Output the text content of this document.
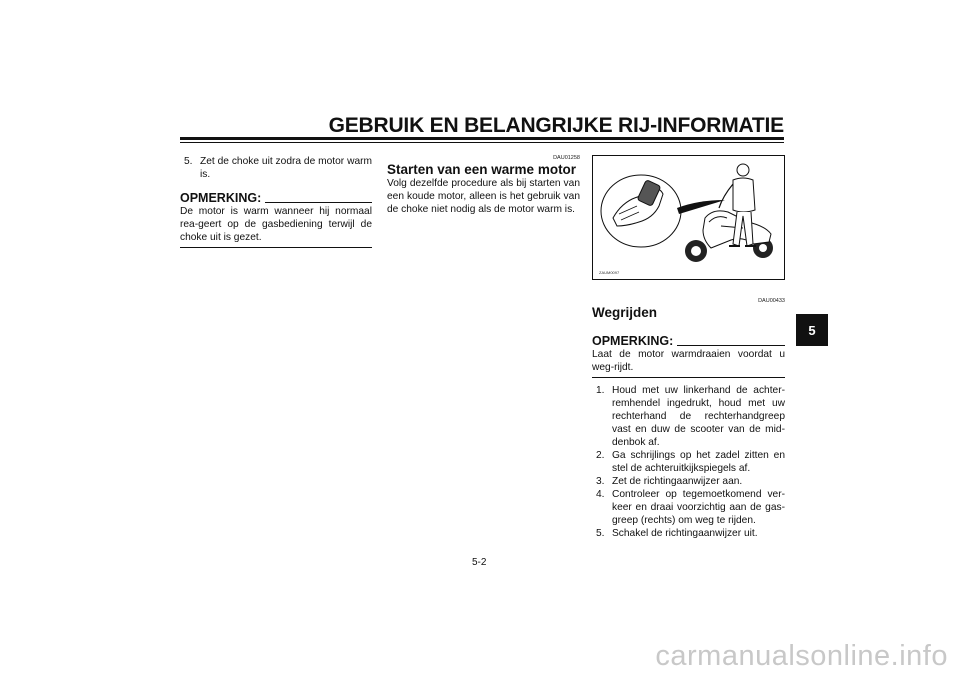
GEBRUIK EN BELANGRIJKE RIJ-INFORMATIE
5. Zet de choke uit zodra de motor warm is.
OPMERKING:
De motor is warm wanneer hij normaal rea-geert op de gasbediening terwijl de choke uit is gezet.
DAU01258
Starten van een warme motor

Volg dezelfde procedure als bij starten van een koude motor, alleen is het gebruik van de choke niet nodig als de motor warm is.

ZAUM0097
DAU00433
Wegrijden
OPMERKING:
Laat de motor warmdraaien voordat u weg-rijdt.
1. Houd met uw linkerhand de achter-remhendel ingedrukt, houd met uw rechterhand de rechterhandgreep vast en duw de scooter van de mid-denbok af.
2. Ga schrijlings op het zadel zitten en stel de achteruitkijkspiegels af.
3. Zet de richtingaanwijzer aan.
4. Controleer op tegemoetkomend ver-keer en draai voorzichtig aan de gas-greep (rechts) om weg te rijden.
5. Schakel de richtingaanwijzer uit.
5-2
5
carmanualsonline.info
